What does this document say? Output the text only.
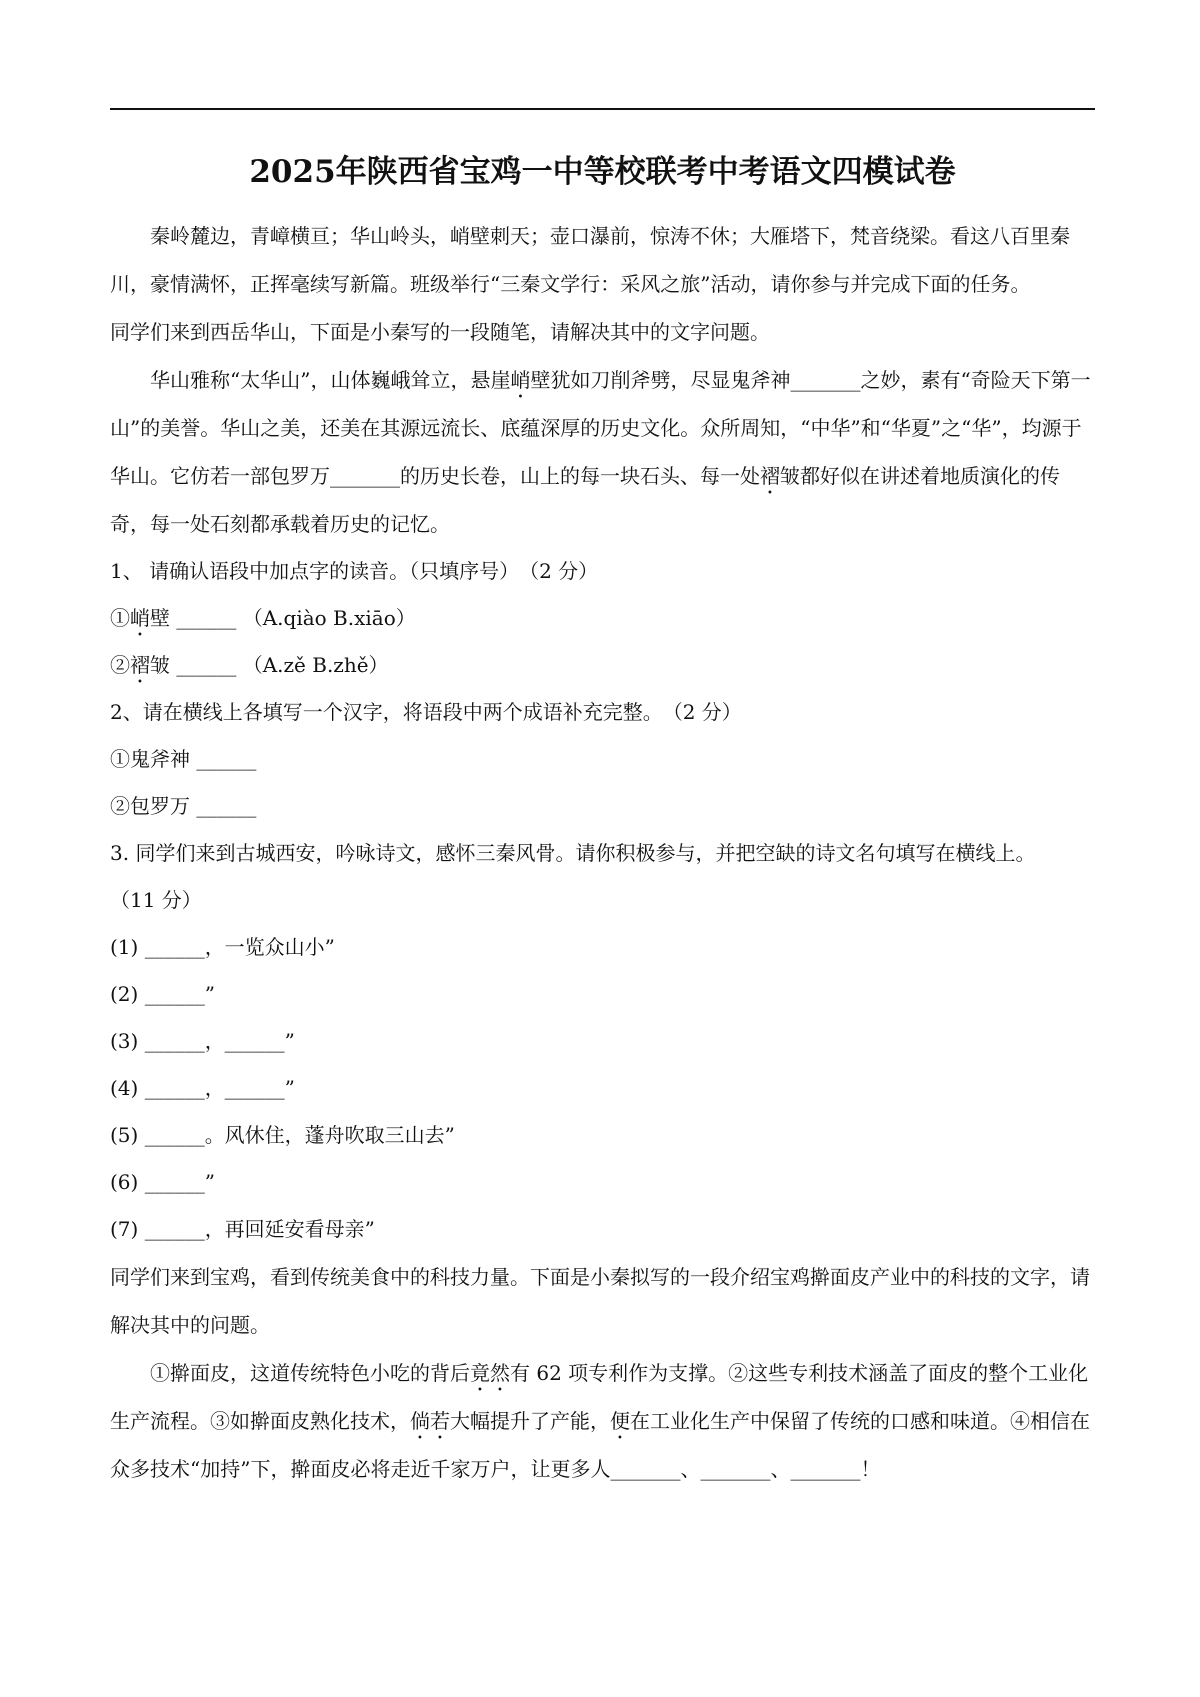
2025年陕西省宝鸡一中等校联考中考语文四模试卷

秦岭麓边，青嶂横亘；华山岭头，峭壁刺天；壶口瀑前，惊涛不休；大雁塔下，梵音绕梁。看这八百里秦川，豪情满怀，正挥毫续写新篇。班级举行“三秦文学行：采风之旅”活动，请你参与并完成下面的任务。

同学们来到西岳华山，下面是小秦写的一段随笔，请解决其中的文字问题。

华山雅称“太华山”，山体巍峨耸立，悬崖峭壁犹如刀削斧劈，尽显鬼斧神_______之妙，素有“奇险天下第一山”的美誉。华山之美，还美在其源远流长、底蕴深厚的历史文化。众所周知，“中华”和“华夏”之“华”，均源于华山。它仿若一部包罗万_______的历史长卷，山上的每一块石头、每一处褶皱都好似在讲述着地质演化的传奇，每一处石刻都承载着历史的记忆。

1、 请确认语段中加点字的读音。（只填序号）　（2 分）

①峭壁 ______ （A.qiào B.xiāo）

②褶皱 ______ （A.zě B.zhě）

2、请在横线上各填写一个汉字，将语段中两个成语补充完整。　（2 分）

①鬼斧神 ______

②包罗万 ______

3. 同学们来到古城西安，吟咏诗文，感怀三秦风骨。请你积极参与，并把空缺的诗文名句填写在横线上。

（11 分）

(1) ______，一览众山小”

(2) ______”

(3) ______，______”

(4) ______，______”

(5) ______。风休住，蓬舟吹取三山去”

(6) ______”

(7) ______，再回延安看母亲”

同学们来到宝鸡，看到传统美食中的科技力量。下面是小秦拟写的一段介绍宝鸡擀面皮产业中的科技的文字，请解决其中的问题。

①擀面皮，这道传统特色小吃的背后竟然有 62 项专利作为支撑。②这些专利技术涵盖了面皮的整个工业化生产流程。③如擀面皮熟化技术，倘若大幅提升了产能，便在工业化生产中保留了传统的口感和味道。④相信在众多技术“加持”下，擀面皮必将走近千家万户，让更多人_______、_______、_______！
